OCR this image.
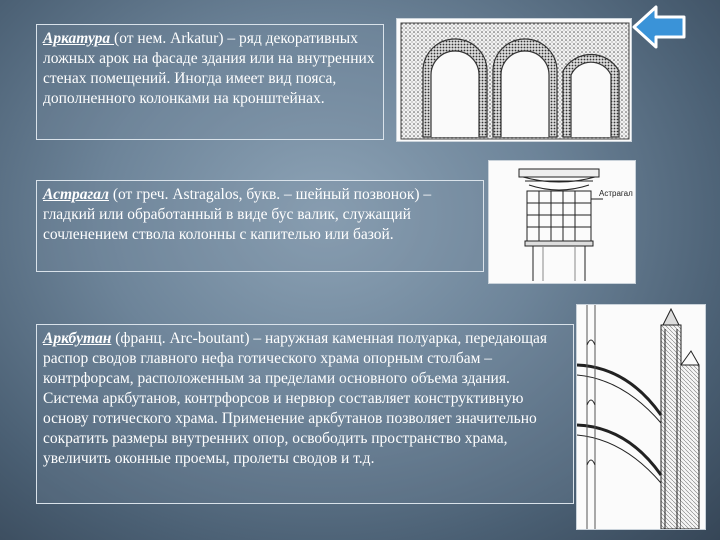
Аркатура (от нем. Arkatur) – ряд декоративных ложных арок на фасаде здания или на внутренних стенах помещений. Иногда имеет вид пояса, дополненного колонками на кронштейнах.
Астрагал (от греч. Astragalos, букв. – шейный позвонок) – гладкий или обработанный в виде бус валик, служащий сочленением ствола колонны с капителью или базой.
Астрагал
Аркбутан (франц. Arc-boutant) – наружная каменная полуарка, передающая распор сводов главного нефа готического храма опорным столбам – контрфорсам, расположенным за пределами основного объема здания. Система аркбутанов, контрфорсов и нервюр составляет конструктивную основу готического храма. Применение аркбутанов позволяет значительно сократить размеры внутренних опор, освободить пространство храма, увеличить оконные проемы, пролеты сводов и т.д.
